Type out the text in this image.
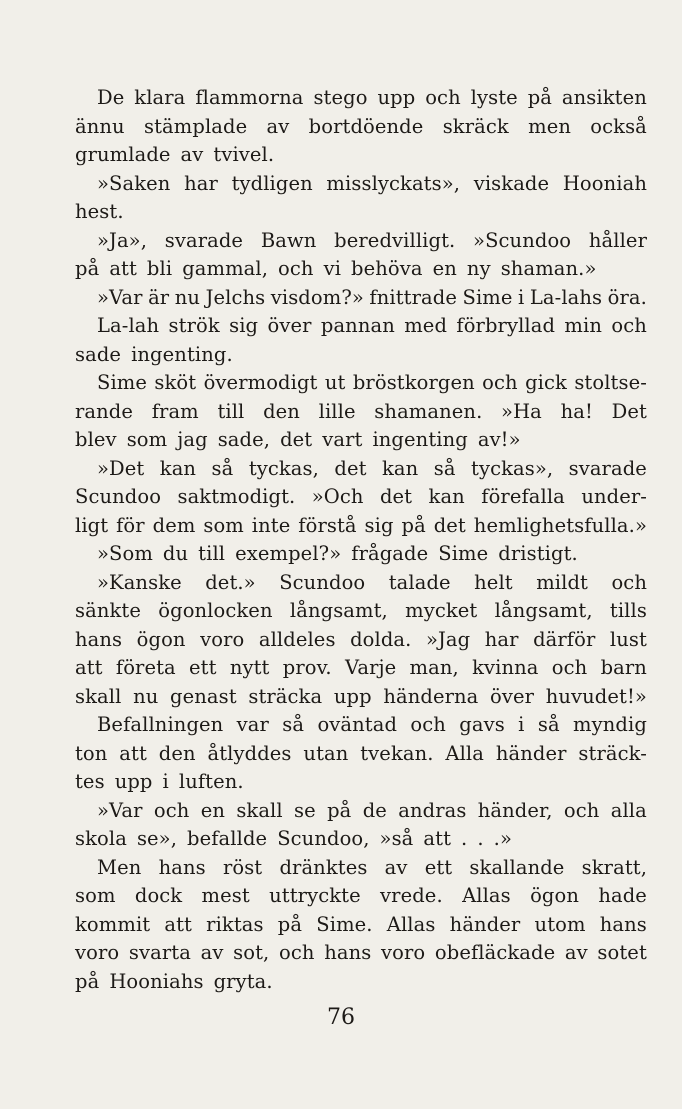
De klara flammorna stego upp och lyste på ansikten
ännu stämplade av bortdöende skräck men också
grumlade av tvivel.
»Saken har tydligen misslyckats», viskade Hooniah
hest.
»Ja», svarade Bawn beredvilligt. »Scundoo håller
på att bli gammal, och vi behöva en ny shaman.»
»Var är nu Jelchs visdom?» fnittrade Sime i La-lahs öra.
La-lah strök sig över pannan med förbryllad min och
sade ingenting.
Sime sköt övermodigt ut bröstkorgen och gick stoltse-
rande fram till den lille shamanen. »Ha ha! Det
blev som jag sade, det vart ingenting av!»
»Det kan så tyckas, det kan så tyckas», svarade
Scundoo saktmodigt. »Och det kan förefalla under-
ligt för dem som inte förstå sig på det hemlighetsfulla.»
»Som du till exempel?» frågade Sime dristigt.
»Kanske det.» Scundoo talade helt mildt och
sänkte ögonlocken långsamt, mycket långsamt, tills
hans ögon voro alldeles dolda. »Jag har därför lust
att företa ett nytt prov. Varje man, kvinna och barn
skall nu genast sträcka upp händerna över huvudet!»
Befallningen var så oväntad och gavs i så myndig
ton att den åtlyddes utan tvekan. Alla händer sträck-
tes upp i luften.
»Var och en skall se på de andras händer, och alla
skola se», befallde Scundoo, »så att . . .»
Men hans röst dränktes av ett skallande skratt,
som dock mest uttryckte vrede. Allas ögon hade
kommit att riktas på Sime. Allas händer utom hans
voro svarta av sot, och hans voro obefläckade av sotet
på Hooniahs gryta.
76
